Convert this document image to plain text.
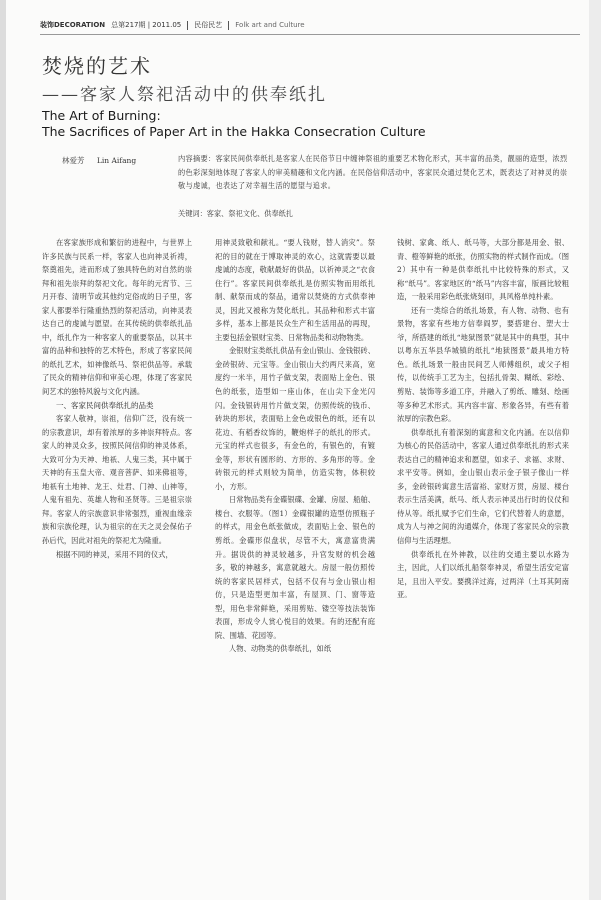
装饰DECORATION 总第217期 | 2011.05 民俗民艺 Folk art and Culture
焚烧的艺术
——客家人祭祀活动中的供奉纸扎
The Art of Burning:
The Sacrifices of Paper Art in the Hakka Consecration Culture
林爱芳 Lin Aifang	内容摘要：客家民间供奉纸扎是客家人在民俗节日中缠神祭祖的重要艺术物化形式，其丰富的品类，靓丽的造型，浓烈的色彩深刻地体现了客家人的审美精趣和文化内涵。在民俗信仰活动中，客家民众通过焚化艺术，既表达了对神灵的崇敬与虔诚，也表达了对幸福生活的愿望与追求。
关键词：客家、祭祀文化、供奉纸扎

在客家族形成和繁衍的进程中，与世界上许多民族与民系一样，客家人也向神灵祈祷，祭奠祖先，进而形成了独具特色的对自然的崇拜和祖先崇拜的祭祀文化。每年的元宵节、三月开春、清明节或其他约定俗成的日子里，客家人都要举行隆重热烈的祭祀活动，向神灵表达自己的虔诚与愿望。在其传统的供奉纸扎品中，纸扎作为一种客家人的重要祭品，以其丰富的品种和独特的艺术特色，形成了客家民间的纸扎艺术，如神像纸马、祭祀供品等。承载了民众的精神信仰和审美心理，体现了客家民间艺术的独特风貌与文化内涵。

一、客家民间供奉纸扎的品类

客家人敬神，崇祖，信仰广泛，没有统一的宗教意识，却有着浓厚的多神崇拜特点。客家人的神灵众多，按照民间信仰的神灵体系，大致可分为天神、地祇、人鬼三类，其中属于天神的有玉皇大帝、观音菩萨、如来佛祖等，地祇有土地神、龙王、灶君、门神、山神等，人鬼有祖先、英雄人物和圣贤等。三是祖宗崇拜。客家人的宗族意识非常强烈，重视血缘亲族和宗族伦理，认为祖宗的在天之灵会保佑子孙后代，因此对祖先的祭祀尤为隆重。

根据不同的神灵，采用不同的仪式，

用神灵致敬和献礼。“要人钱财，替人消灾”。祭祀的目的就在于博取神灵的欢心，这就需要以最虔诚的态度，敬献最好的供品，以祈神灵之“衣食住行”。客家民间供奉纸扎是仿照实物而用纸扎制、献祭而成的祭品，通常以焚烧的方式供奉神灵，因此又被称为焚化纸扎。其品种和形式丰富多样，基本上都是民众生产和生活用品的再现，主要包括金银财宝类、日常物品类和动物物类。

金银财宝类纸扎供品有金山银山、金钱银砖、金砖银砖、元宝等。金山银山大约两尺来高，宽度约一米半，用竹子做支架，表面贴上金色、银色的纸张，造型如一座山体，在山尖下金光闪闪。金钱银砖用竹片做支架，仿照传统的钱币、砖块的形状，表面贴上金色或银色的纸，还有以花边、有稻香纹饰的，鞭炮样子的纸扎的形式。元宝的样式也很多，有金色的，有银色的，有镀金等，形状有圆形的、方形的、多角形的等。金砖银元的样式则较为简单，仿造实物，体积较小，方形。

日常物品类有金碟银碟、金罐、房屋、船舶、楼台、衣服等。（图1）金碟银罐的造型仿照瓶子的样式，用金色纸张做成，表面贴上金、银色的剪纸。金碟形似盘状，尽管不大，寓意富贵满升。据说供的神灵较越多，升官发财的机会越多，敬的神越多，寓意就越大。房屋一般仿照传统的客家民居样式，包括不仅有与金山银山相仿，只是造型更加丰富，有屋顶、门、窗等造型，用色非常鲜艳，采用剪贴、镂空等技法装饰表面，形成令人赏心悦目的效果。有的还配有庭院、围墙、花园等。

人物、动物类的供奉纸扎，如纸

钱树、家禽、纸人、纸马等，大部分都是用金、银、青、橙等鲜艳的纸张，仿照实物的样式制作而成。（图2）其中有一种是供奉纸扎中比较特殊的形式，又称“纸马”。客家地区的“纸马”内容丰富，版画比较粗造，一般采用彩色纸张烧刻印，具风格单纯朴素。

还有一类综合的纸扎场景，有人物、动物、也有景物，客家有些地方信奉阎罗，要搭建台、塑大士爷，所搭建的纸扎“地狱图景”就是其中的典型，其中以粤东五华县华城镇的纸扎“地狱图景”最具地方特色。纸扎场景一般由民间艺人师傅组织，或父子相传，以传统手工艺为主，包括扎骨架、糊纸、彩绘、剪贴、装饰等多道工序，并融入了剪纸、雕刻、绘画等多种艺术形式。其内容丰富、形象各异，有些有着浓厚的宗教色彩。

供奉纸扎有着深刻的寓意和文化内涵。在以信仰为核心的民俗活动中，客家人通过供奉纸扎的形式来表达自己的精神追求和愿望，如求子、求福、求财、求平安等。例如，金山银山表示金子银子像山一样多，金砖银砖寓意生活富裕、家财万贯，房屋、楼台表示生活美满，纸马、纸人表示神灵出行时的仪仗和侍从等。纸扎赋予它们生命，它们代替着人的意愿，成为人与神之间的沟通媒介，体现了客家民众的宗教信仰与生活理想。

供奉纸扎在外神教，以往的交通主要以水路为主，因此，人们以纸扎船祭奉神灵，希望生活安定富足，且出入平安。要携洋过海，过两洋（土耳其阿南亚。
